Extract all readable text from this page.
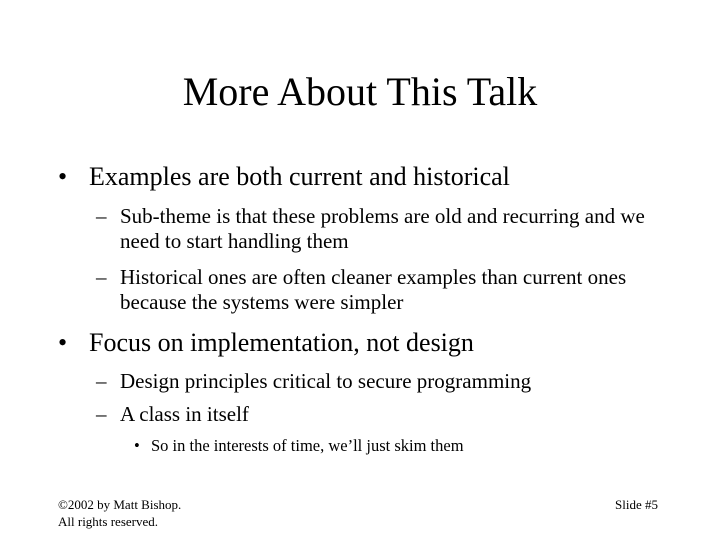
More About This Talk
• Examples are both current and historical
– Sub-theme is that these problems are old and recurring and we need to start handling them
– Historical ones are often cleaner examples than current ones because the systems were simpler
• Focus on implementation, not design
– Design principles critical to secure programming
– A class in itself
• So in the interests of time, we’ll just skim them
©2002 by Matt Bishop.
All rights reserved.
Slide #5
